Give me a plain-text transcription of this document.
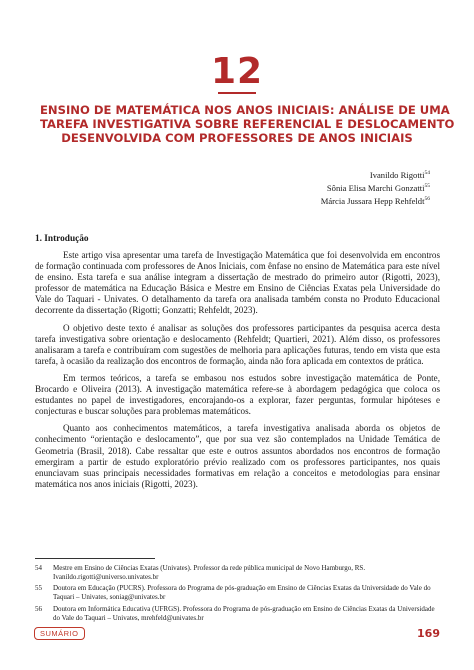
12
ENSINO DE MATEMÁTICA NOS ANOS INICIAIS: ANÁLISE DE UMA
TAREFA INVESTIGATIVA SOBRE REFERENCIAL E DESLOCAMENTO
DESENVOLVIDA COM PROFESSORES DE ANOS INICIAIS
Ivanildo Rigotti$^{54}$
Sônia Elisa Marchi Gonzatti$^{55}$
Márcia Jussara Hepp Rehfeldt$^{56}$
1. Introdução

Este artigo visa apresentar uma tarefa de Investigação Matemática que foi desenvolvida em encontros de formação continuada com professores de Anos Iniciais, com ênfase no ensino de Matemática para este nível de ensino. Esta tarefa e sua análise integram a dissertação de mestrado do primeiro autor (Rigotti, 2023), professor de matemática na Educação Básica e Mestre em Ensino de Ciências Exatas pela Universidade do Vale do Taquari - Univates. O detalhamento da tarefa ora analisada também consta no Produto Educacional decorrente da dissertação (Rigotti; Gonzatti; Rehfeldt, 2023).

O objetivo deste texto é analisar as soluções dos professores participantes da pesquisa acerca desta tarefa investigativa sobre orientação e deslocamento (Rehfeldt; Quartieri, 2021). Além disso, os professores analisaram a tarefa e contribuíram com sugestões de melhoria para aplicações futuras, tendo em vista que esta tarefa, à ocasião da realização dos encontros de formação, ainda não fora aplicada em contextos de prática.

Em termos teóricos, a tarefa se embasou nos estudos sobre investigação matemática de Ponte, Brocardo e Oliveira (2013). A investigação matemática refere-se à abordagem pedagógica que coloca os estudantes no papel de investigadores, encorajando-os a explorar, fazer perguntas, formular hipóteses e conjecturas e buscar soluções para problemas matemáticos.

Quanto aos conhecimentos matemáticos, a tarefa investigativa analisada aborda os objetos de conhecimento “orientação e deslocamento”, que por sua vez são contemplados na Unidade Temática de Geometria (Brasil, 2018). Cabe ressaltar que este e outros assuntos abordados nos encontros de formação emergiram a partir de estudo exploratório prévio realizado com os professores participantes, nos quais enunciavam suas principais necessidades formativas em relação a conceitos e metodologias para ensinar matemática nos anos iniciais (Rigotti, 2023).

54	Mestre em Ensino de Ciências Exatas (Univates). Professor da rede pública municipal de Novo Hamburgo, RS. Ivanildo.rigotti@universo.univates.br
55	Doutora em Educação (PUCRS). Professora do Programa de pós-graduação em Ensino de Ciências Exatas da Universidade do Vale do Taquari – Univates, soniag@univates.br
56	Doutora em Informática Educativa (UFRGS). Professora do Programa de pós-graduação em Ensino de Ciências Exatas da Universidade do Vale do Taquari – Univates, mrehfeld@univates.br
SUMÁRIO	169
